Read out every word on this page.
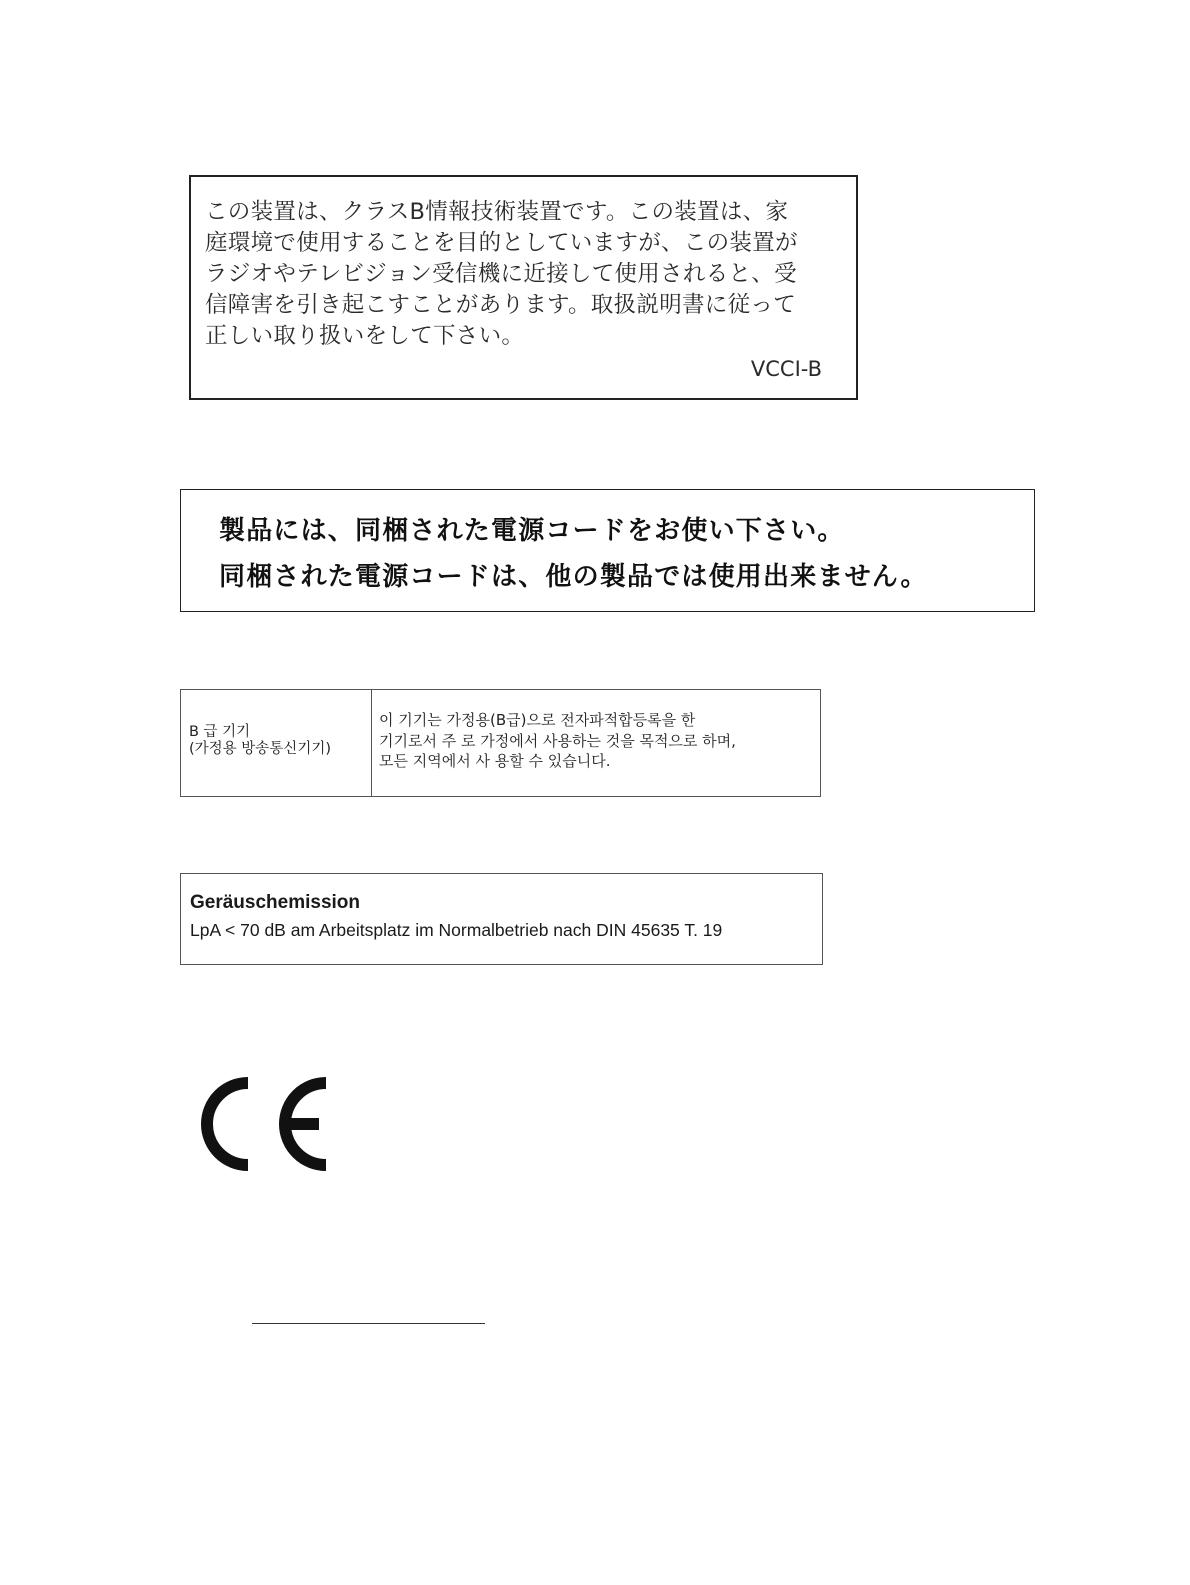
この装置は、クラスB情報技術装置です。この装置は、家
庭環境で使用することを目的としていますが、この装置が
ラジオやテレビジョン受信機に近接して使用されると、受
信障害を引き起こすことがあります。取扱説明書に従って
正しい取り扱いをして下さい。

VCCI-B
製品には、同梱された電源コードをお使い下さい。
同梱された電源コードは、他の製品では使用出来ません。
B 급 기기
(가정용 방송통신기기)
이 기기는 가정용(B급)으로 전자파적합등록을 한
기기로서 주 로 가정에서 사용하는 것을 목적으로 하며,
모든 지역에서 사 용할 수 있습니다.
Geräuschemission
LpA < 70 dB am Arbeitsplatz im Normalbetrieb nach DIN 45635 T. 19
